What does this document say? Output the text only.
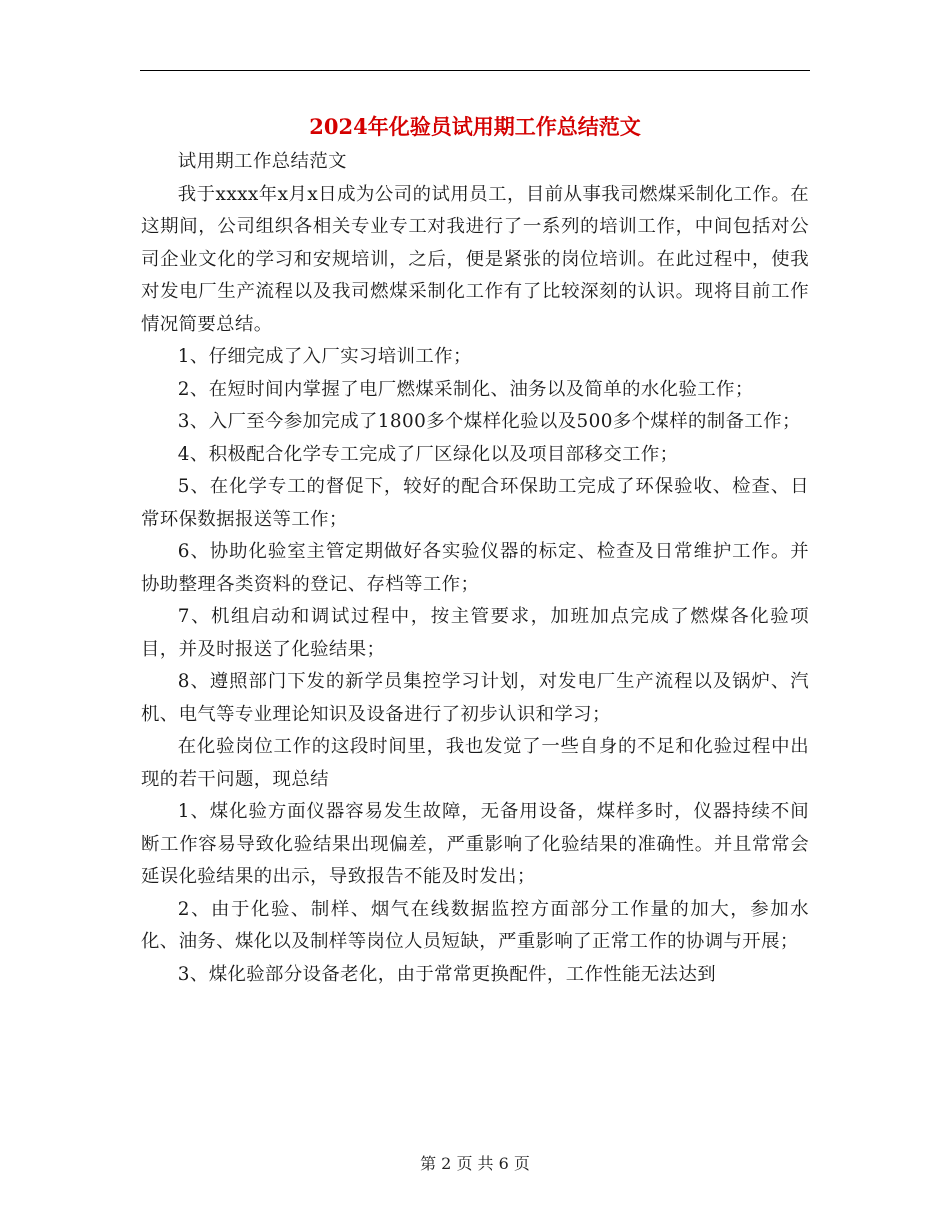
2024年化验员试用期工作总结范文

试用期工作总结范文

我于xxxx年x月x日成为公司的试用员工，目前从事我司燃煤采制化工作。在这期间，公司组织各相关专业专工对我进行了一系列的培训工作，中间包括对公司企业文化的学习和安规培训，之后，便是紧张的岗位培训。在此过程中，使我对发电厂生产流程以及我司燃煤采制化工作有了比较深刻的认识。现将目前工作情况简要总结。

1、仔细完成了入厂实习培训工作；

2、在短时间内掌握了电厂燃煤采制化、油务以及简单的水化验工作；

3、入厂至今参加完成了1800多个煤样化验以及500多个煤样的制备工作；

4、积极配合化学专工完成了厂区绿化以及项目部移交工作；

5、在化学专工的督促下，较好的配合环保助工完成了环保验收、检查、日常环保数据报送等工作；

6、协助化验室主管定期做好各实验仪器的标定、检查及日常维护工作。并协助整理各类资料的登记、存档等工作；

7、机组启动和调试过程中，按主管要求，加班加点完成了燃煤各化验项目，并及时报送了化验结果；

8、遵照部门下发的新学员集控学习计划，对发电厂生产流程以及锅炉、汽机、电气等专业理论知识及设备进行了初步认识和学习；

在化验岗位工作的这段时间里，我也发觉了一些自身的不足和化验过程中出现的若干问题，现总结

1、煤化验方面仪器容易发生故障，无备用设备，煤样多时，仪器持续不间断工作容易导致化验结果出现偏差，严重影响了化验结果的准确性。并且常常会延误化验结果的出示，导致报告不能及时发出；

2、由于化验、制样、烟气在线数据监控方面部分工作量的加大，参加水化、油务、煤化以及制样等岗位人员短缺，严重影响了正常工作的协调与开展；

3、煤化验部分设备老化，由于常常更换配件，工作性能无法达到

第 2 页 共 6 页
